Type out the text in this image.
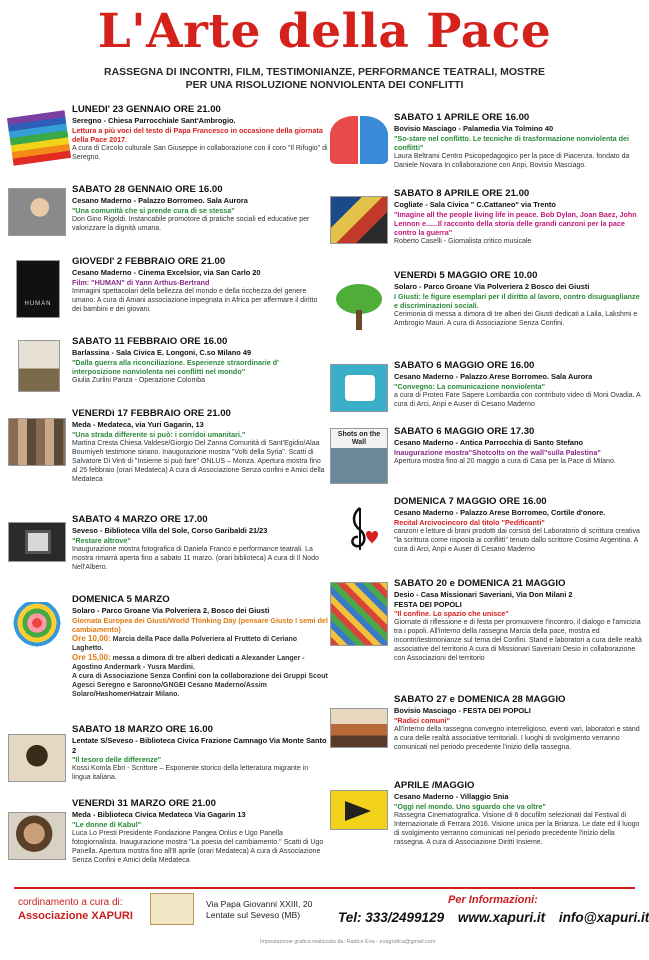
L'Arte della Pace
RASSEGNA DI INCONTRI, FILM, TESTIMONIANZE, PERFORMANCE TEATRALI, MOSTRE
PER UNA RISOLUZIONE NONVIOLENTA DEI CONFLITTI
LUNEDI' 23 GENNAIO ORE 21.00
Seregno - Chiesa Parrocchiale Sant'Ambrogio.
Lettura a più voci del testo di Papa Francesco in occasione della giornata della Pace 2017.
A cura di Circolo culturale San Giuseppe in collaborazione con il coro "Il Rifugio" di Seregno.
SABATO 28 GENNAIO ORE 16.00
Cesano Maderno - Palazzo Borromeo. Sala Aurora
"Una comunità che si prende cura di se stessa"
Don Gino Rigoldi. Instancabile promotore di pratiche sociali ed educative per valorizzare la dignità umana.
HUMAN
GIOVEDI' 2 FEBBRAIO ORE 21.00
Cesano Maderno - Cinema Excelsior, via San Carlo 20
Film: "HUMAN" di Yann Arthus-Bertrand
Immagini spettacolari della bellezza del mondo e della ricchezza del genere umano. A cura di Amani associazione impegnata in Africa per affermare il diritto dei bambini e dei giovani.
SABATO 11 FEBBRAIO ORE 16.00
Barlassina - Sala Civica E. Longoni, C.so Milano 49
"Dalla guerra alla riconciliazione. Esperienze straordinarie d' interposizione nonviolenta nei conflitti nel mondo"
Giulia Zurlini Panza - Operazione Colomba
VENERDì 17 FEBBRAIO ORE 21.00
Meda - Medateca, via Yuri Gagarin, 13
"Una strada differente si può: i corridoi umanitari."
Martina Cresta Chiesa Valdese/Giorgio Del Zanna Comunità di Sant'Egidio/Alaa Bourniyeh testimone siriano. Inaugurazione mostra "Volti della Syria". Scatti di Salvatore Di Vinti di "Insieme si può fare" ONLUS – Monza. Apertura mostra fino al 25 febbraio (orari Medateca) A cura di Associazione Senza confini e Amici della Medateca
SABATO 4 MARZO ORE 17.00
Seveso - Biblioteca Villa del Sole, Corso Garibaldi 21/23
"Restare altrove"
Inaugurazione mostra fotografica di Daniela Franco e performance teatrali. La mostra rimarrà aperta fino a sabato 11 marzo. (orari biblioteca) A cura di Il Nodo Nell'Albero.
DOMENICA 5 MARZO
Solaro - Parco Groane Via Polveriera 2, Bosco dei Giusti
Giornata Europea dei Giusti/World Thinking Day (pensare Giusto I semi del cambiamento)
Ore 10,00: Marcia della Pace dalla Polveriera al Frutteto di Ceriano Laghetto.
Ore 15,00: messa a dimora di tre alberi dedicati a Alexander Langer - Agostino Andermark - Yusra Mardini.
A cura di Associazione Senza Confini con la collaborazione dei Gruppi Scout Agesci Seregno e Saronno/GNGEI Cesano Maderno/Assim Solaro/HashomerHatzair Milano.
SABATO 18 MARZO ORE 16.00
Lentate S/Seveso - Biblioteca Civica Frazione Camnago Via Monte Santo 2
"Il tesoro delle differenze"
Kossi Komla Ebri - Scrittore – Esponente storico della letteratura migrante in lingua italiana.
VENERDì 31 MARZO ORE 21.00
Meda - Biblioteca Civica Medateca Via Gagarin 13
"Le donne di Kabul"
Luca Lo Presti Presidente Fondazione Pangea Onlus e Ugo Panella fotogiornalista. Inaugurazione mostra "La poesia del cambiamento." Scatti di Ugo Panella. Apertura mostra fino all'8 aprile (orari Medateca) A cura di Associazione Senza Confini e Amici della Medateca
SABATO 1 APRILE ORE 16.00
Bovisio Masciago - Palamedia Via Tolmino 40
"So-stare nel conflitto. Le tecniche di trasformazione nonviolenta dei conflitti"
Laura Beltrami Centro Psicopedagogico per la pace di Piacenza. fondato da Daniele Novara In collaborazione con Anpi, Bovisio Masciago.
SABATO 8 APRILE ORE 21.00
Cogliate - Sala Civica " C.Cattaneo" via Trento
"Imagine all the people living life in peace. Bob Dylan, Joan Baez, John Lennon e......Il racconto della storia delle grandi canzoni per la pace contro la guerra"
Roberto Caselli - Giornalista critico musicale
VENERDì 5 MAGGIO ORE 10.00
Solaro - Parco Groane Via Polveriera 2 Bosco dei Giusti
I Giusti: le figure esemplari per il diritto al lavoro, contro disuguaglianze e discriminazioni sociali.
Cerimonia di messa a dimora di tre alberi dei Giusti dedicati a Laila, Lakshmi e Ambrogio Mauri. A cura di Associazione Senza Confini.
SABATO 6 MAGGIO ORE 16.00
Cesano Maderno - Palazzo Arese Borromeo. Sala Aurora
"Convegno: La comunicazione nonviolenta"
a cura di Proteo Fare Sapere Lombardia con contributo video di Moni Ovadia. A cura di Arci, Anpi e Auser di Cesano Maderno
Shots on the Wall
SABATO 6 MAGGIO ORE 17.30
Cesano Maderno - Antica Parrocchia di Santo Stefano
Inaugurazione mostra"Shotcolts on the wall"sulla Palestina"
Apertura mostra fino al 20 maggio a cura di Casa per la Pace di Milano.
DOMENICA 7 MAGGIO ORE 16.00
Cesano Maderno - Palazzo Arese Borromeo, Cortile d'onore.
Recital Arcivocincoro dal titolo "Pedificanti"
canzoni e letture di brani prodotti dai corsisti del Laboratorio di scrittura creativa "la scrittura come risposta ai conflitti" tenuto dallo scrittore Cosimo Argentina. A cura di Arci, Anpi e Auser di Cesano Maderno
SABATO 20 e DOMENICA 21 MAGGIO
Desio - Casa Missionari Saveriani, Via Don Milani 2
FESTA DEI POPOLI
"Il confine. Lo spazio che unisce"
Giornate di riflessione e di festa per promuovere l'incontro, il dialogo e l'amicizia tra i popoli. All'interno della rassegna Marcia della pace, mostra ed incontri/testimonianze sul tema del Confini. Stand e laboratori a cura delle realtà associative del territorio A cura di Missionari Saveriani Desio in collaborazione con Associazioni del territorio
SABATO 27 e DOMENICA 28 MAGGIO
Bovisio Masciago - FESTA DEI POPOLI
"Radici comuni"
All'interno della rassegna convegno interreligioso, eventi vari, laboratori e stand a cura delle realtà associative territoriali. I luoghi di svolgimento verranno comunicati nel periodo precedente l'inizio della rassegna.
APRILE /MAGGIO
Cesano Maderno - Villaggio Snia
"Oggi nel mondo. Uno sguardo che va oltre"
Rassegna Cinematografica. Visione di 6 docufilm selezionati dal Festival di Internazionale di Ferrara 2016. Visione unica per la Brianza. Le date ed il luogo di svolgimento verranno comunicati nel periodo precedente l'inizio della rassegna. A cura di Associazione Diritti Insieme.
cordinamento a cura di:
Associazione XAPURI
Via Papa Giovanni XXIII, 20
Lentate sul Seveso (MB)
Per Informazioni:
Tel: 333/2499129 www.xapuri.it info@xapuri.it
Impostazione grafica realizzata da: Radice Eva - evagrafica@gmail.com
